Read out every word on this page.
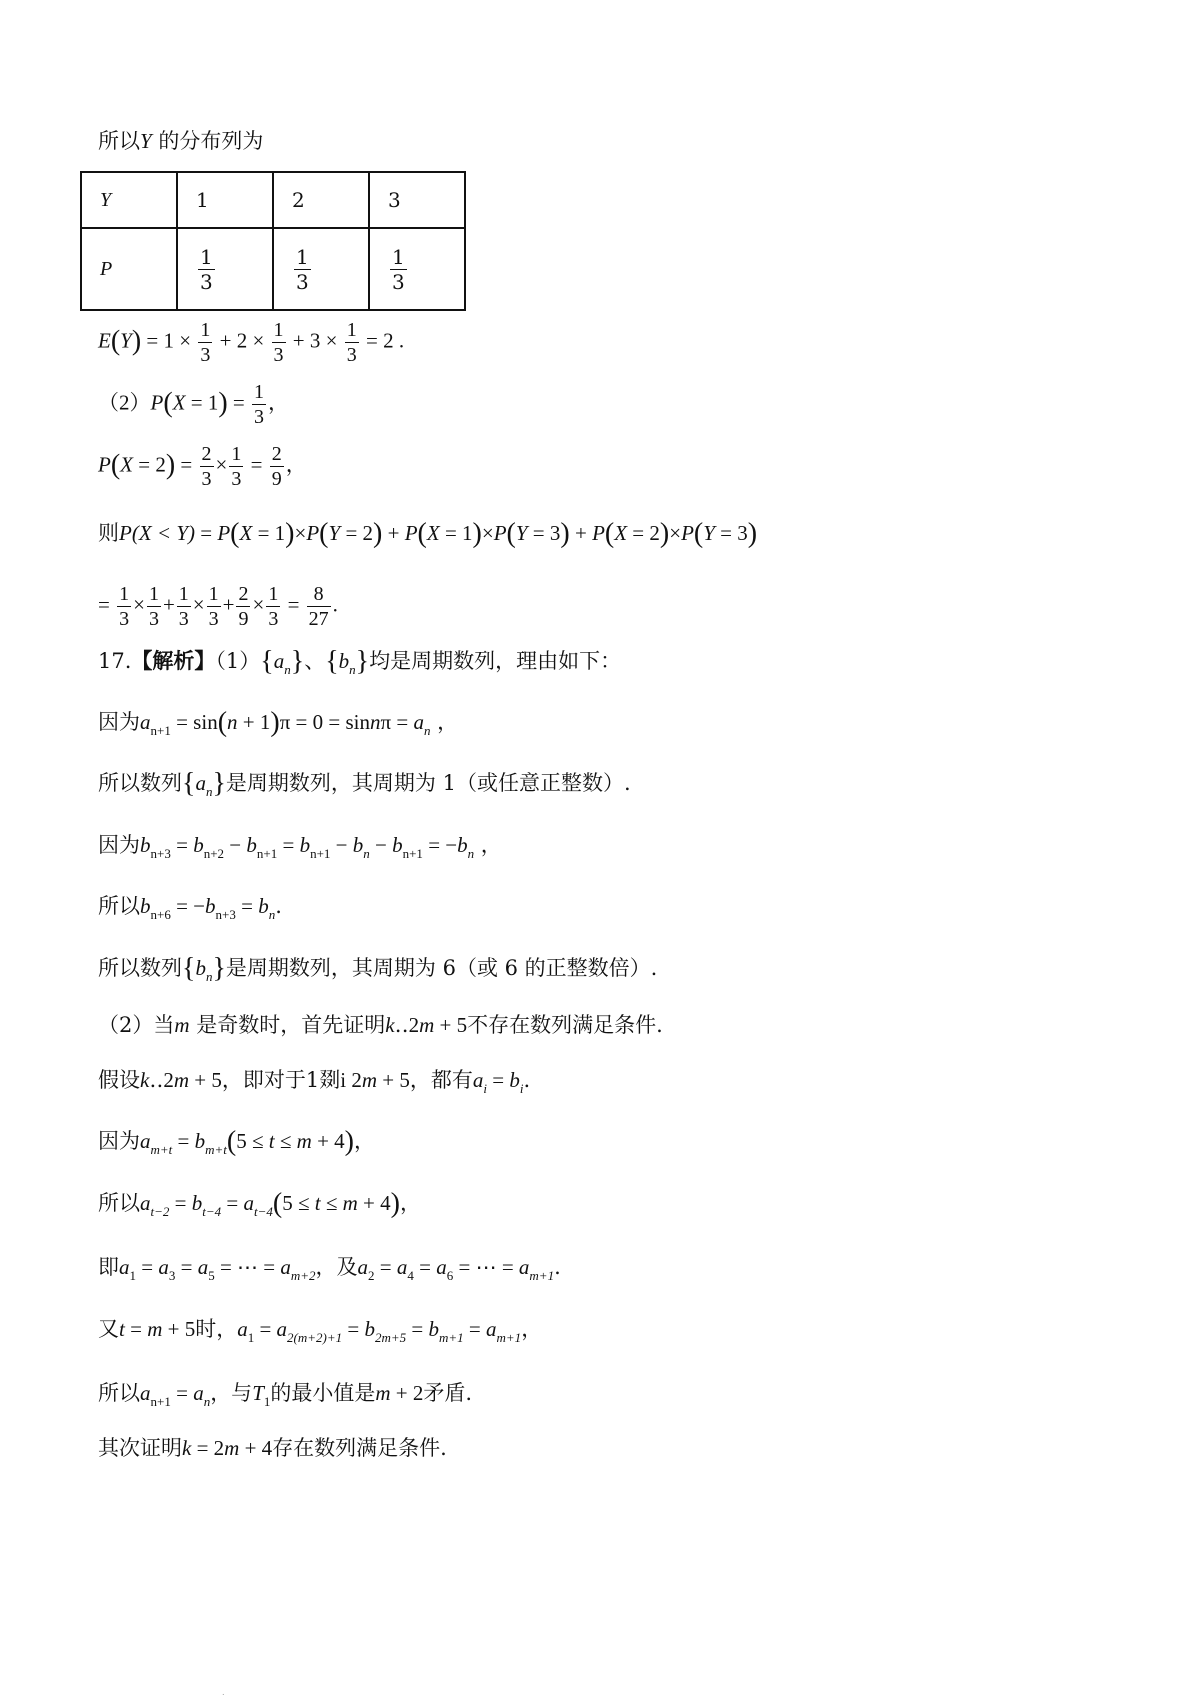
所以Y 的分布列为
Y	1	2	3
P	$\frac{1}{3}$	$\frac{1}{3}$	$\frac{1}{3}$
$E(Y) = 1 \times \frac{1}{3} + 2 \times \frac{1}{3} + 3 \times \frac{1}{3} = 2$ .
$(2)P(X = 1) = \frac{1}{3}$ ，
$P(X = 2) = \frac{2}{3} \times \frac{1}{3} = \frac{2}{9}$ ，
则P(X < Y) = P(X = 1)×P(Y = 2) + P(X = 1)×P(Y = 3) + P(X = 2)×P(Y = 3)
= $\frac{1}{3} \times \frac{1}{3} + \frac{1}{3} \times \frac{1}{3} + \frac{2}{9} \times \frac{1}{3} = \frac{8}{27}$ .
17.【解析】$(1)\{a_n\}$、$\{b_n\}$均是周期数列，理由如下：
因为$a_{n+1} = \sin(n + 1)\pi = 0 = \sin n\pi = a_n$ ，
所以数列$\{a_n\}$是周期数列，其周期为 1（或任意正整数）.
因为$b_{n+3} = b_{n+2} - b_{n+1} = b_{n+1} - b_n - b_{n+1} = -b_n$ ，
所以$b_{n+6} = -b_{n+3} = b_n$.
所以数列$\{b_n\}$是周期数列，其周期为 6（或 6 的正整数倍）.
（2）当m 是奇数时，首先证明k‥2m + 5不存在数列满足条件.
假设k‥2m + 5，即对于1剟i 2m + 5，都有$a_i = b_i$.
因为$a_{m+t} = b_{m+t}(5 \le t \le m + 4)$，
所以$a_{t-2} = b_{t-4} = a_{t-4}(5 \le t \le m + 4)$，
即$a_1 = a_3 = a_5$ = ⋯ = $a_{m+2}$，及$a_2 = a_4 = a_6$ = ⋯ = $a_{m+1}$.
又t = m + 5时，$a_1 = a_{2(m+2)+1} = b_{2m+5} = b_{m+1} = a_{m+1}$，
所以$a_{n+1} = a_n$，与$T_1$的最小值是m + 2矛盾.
其次证明k = 2m + 4存在数列满足条件.
.
